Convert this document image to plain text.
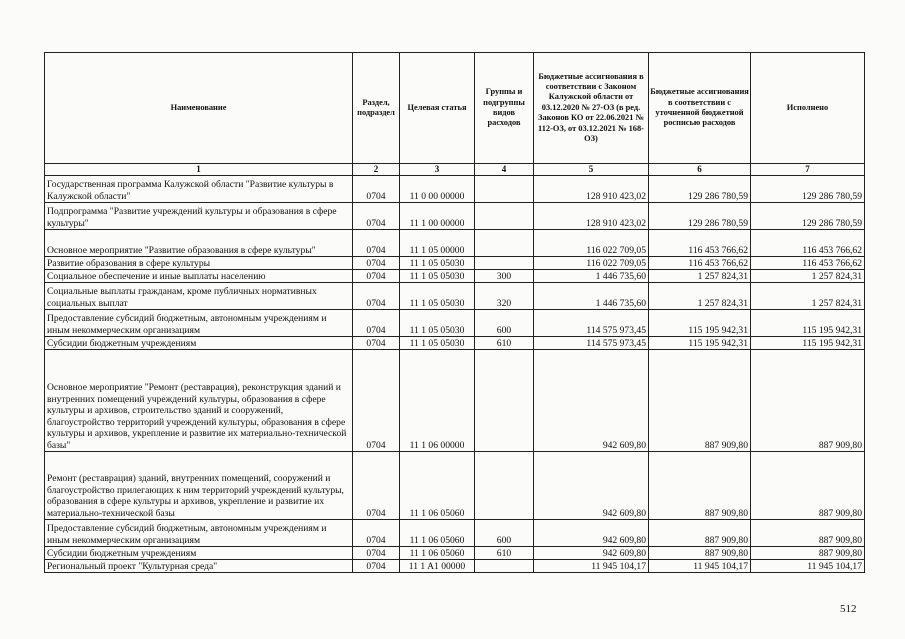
Наименование	Раздел, подраздел	Целевая статья	Группы и подгруппы видов расходов	Бюджетные ассигнования в соответствии с Законом Калужской области от 03.12.2020 № 27-ОЗ (в ред. Законов КО от 22.06.2021 № 112-ОЗ, от 03.12.2021 № 168-ОЗ)	Бюджетные ассигнования в соответствии с уточненной бюджетной росписью расходов	Исполнено
1	2	3	4	5	6	7
Государственная программа Калужской области "Развитие культуры в Калужской области"	0704	11 0 00 00000		128 910 423,02	129 286 780,59	129 286 780,59
Подпрограмма "Развитие учреждений культуры и образования в сфере культуры"	0704	11 1 00 00000		128 910 423,02	129 286 780,59	129 286 780,59
Основное мероприятие "Развитие образования в сфере культуры"	0704	11 1 05 00000		116 022 709,05	116 453 766,62	116 453 766,62
Развитие образования в сфере культуры	0704	11 1 05 05030		116 022 709,05	116 453 766,62	116 453 766,62
Социальное обеспечение и иные выплаты населению	0704	11 1 05 05030	300	1 446 735,60	1 257 824,31	1 257 824,31
Социальные выплаты гражданам, кроме публичных нормативных социальных выплат	0704	11 1 05 05030	320	1 446 735,60	1 257 824,31	1 257 824,31
Предоставление субсидий бюджетным, автономным учреждениям и иным некоммерческим организациям	0704	11 1 05 05030	600	114 575 973,45	115 195 942,31	115 195 942,31
Субсидии бюджетным учреждениям	0704	11 1 05 05030	610	114 575 973,45	115 195 942,31	115 195 942,31
Основное мероприятие "Ремонт (реставрация), реконструкция зданий и внутренних помещений учреждений культуры, образования в сфере культуры и архивов, строительство зданий и сооружений, благоустройство территорий учреждений культуры, образования в сфере культуры и архивов, укрепление и развитие их материально-технической базы"	0704	11 1 06 00000		942 609,80	887 909,80	887 909,80
Ремонт (реставрация) зданий, внутренних помещений, сооружений и благоустройство прилегающих к ним территорий учреждений культуры, образования в сфере культуры и архивов, укрепление и развитие их материально-технической базы	0704	11 1 06 05060		942 609,80	887 909,80	887 909,80
Предоставление субсидий бюджетным, автономным учреждениям и иным некоммерческим организациям	0704	11 1 06 05060	600	942 609,80	887 909,80	887 909,80
Субсидии бюджетным учреждениям	0704	11 1 06 05060	610	942 609,80	887 909,80	887 909,80
Региональный проект "Культурная среда"	0704	11 1 A1 00000		11 945 104,17	11 945 104,17	11 945 104,17
512
